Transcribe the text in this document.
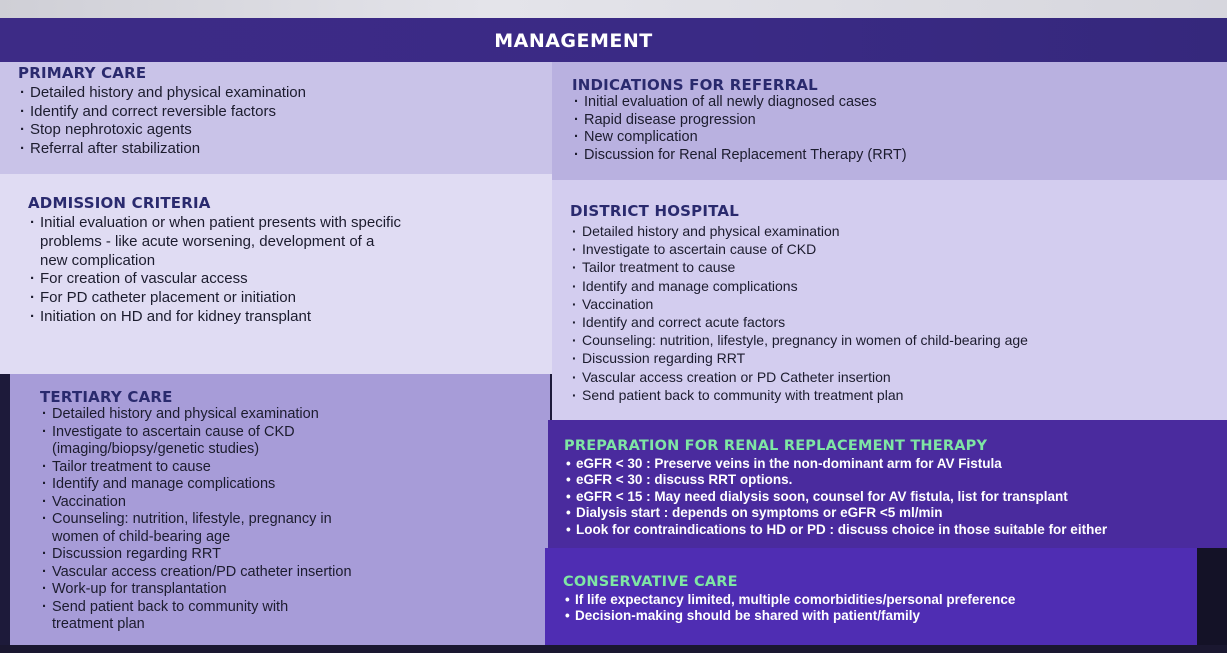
MANAGEMENT
PRIMARY CARE
· Detailed history and physical examination
· Identify and correct reversible factors
· Stop nephrotoxic agents
· Referral after stabilization
INDICATIONS FOR REFERRAL
· Initial evaluation of all newly diagnosed cases
· Rapid disease progression
· New complication
· Discussion for Renal Replacement Therapy (RRT)
ADMISSION CRITERIA
· Initial evaluation or when patient presents with specific
problems - like acute worsening, development of a
new complication
· For creation of vascular access
· For PD catheter placement or initiation
· Initiation on HD and for kidney transplant
DISTRICT HOSPITAL
· Detailed history and physical examination
· Investigate to ascertain cause of CKD
· Tailor treatment to cause
· Identify and manage complications
· Vaccination
· Identify and correct acute factors
· Counseling: nutrition, lifestyle, pregnancy in women of child-bearing age
· Discussion regarding RRT
· Vascular access creation or PD Catheter insertion
· Send patient back to community with treatment plan
TERTIARY CARE
· Detailed history and physical examination
· Investigate to ascertain cause of CKD
(imaging/biopsy/genetic studies)
· Tailor treatment to cause
· Identify and manage complications
· Vaccination
· Counseling: nutrition, lifestyle, pregnancy in
women of child-bearing age
· Discussion regarding RRT
· Vascular access creation/PD catheter insertion
· Work-up for transplantation
· Send patient back to community with
treatment plan
PREPARATION FOR RENAL REPLACEMENT THERAPY
• eGFR < 30 : Preserve veins in the non-dominant arm for AV Fistula
• eGFR < 30 : discuss RRT options.
• eGFR < 15 : May need dialysis soon, counsel for AV fistula, list for transplant
• Dialysis start : depends on symptoms or eGFR <5 ml/min
• Look for contraindications to HD or PD : discuss choice in those suitable for either
CONSERVATIVE CARE
• If life expectancy limited, multiple comorbidities/personal preference
• Decision-making should be shared with patient/family
